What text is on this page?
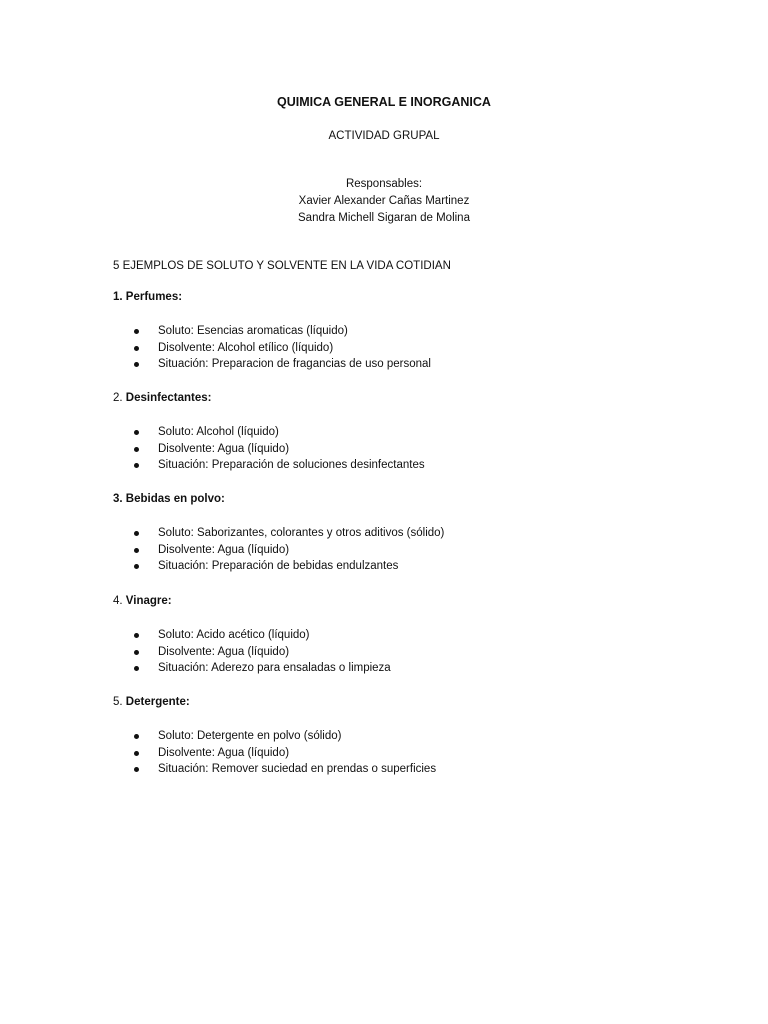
QUIMICA GENERAL E INORGANICA
ACTIVIDAD GRUPAL
Responsables:
Xavier Alexander Cañas Martinez
Sandra Michell Sigaran de Molina
5 EJEMPLOS DE SOLUTO Y SOLVENTE EN LA VIDA COTIDIAN
1. Perfumes:
Soluto: Esencias aromaticas (líquido)
Disolvente: Alcohol etílico (líquido)
Situación: Preparacion de fragancias de uso personal
2. Desinfectantes:
Soluto: Alcohol (líquido)
Disolvente: Agua (líquido)
Situación: Preparación de soluciones desinfectantes
3. Bebidas en polvo:
Soluto: Saborizantes, colorantes y otros aditivos (sólido)
Disolvente: Agua (líquido)
Situación: Preparación de bebidas endulzantes
4. Vinagre:
Soluto: Acido acético (líquido)
Disolvente: Agua (líquido)
Situación: Aderezo para ensaladas o limpieza
5. Detergente:
Soluto: Detergente en polvo (sólido)
Disolvente: Agua (líquido)
Situación: Remover suciedad en prendas o superficies
